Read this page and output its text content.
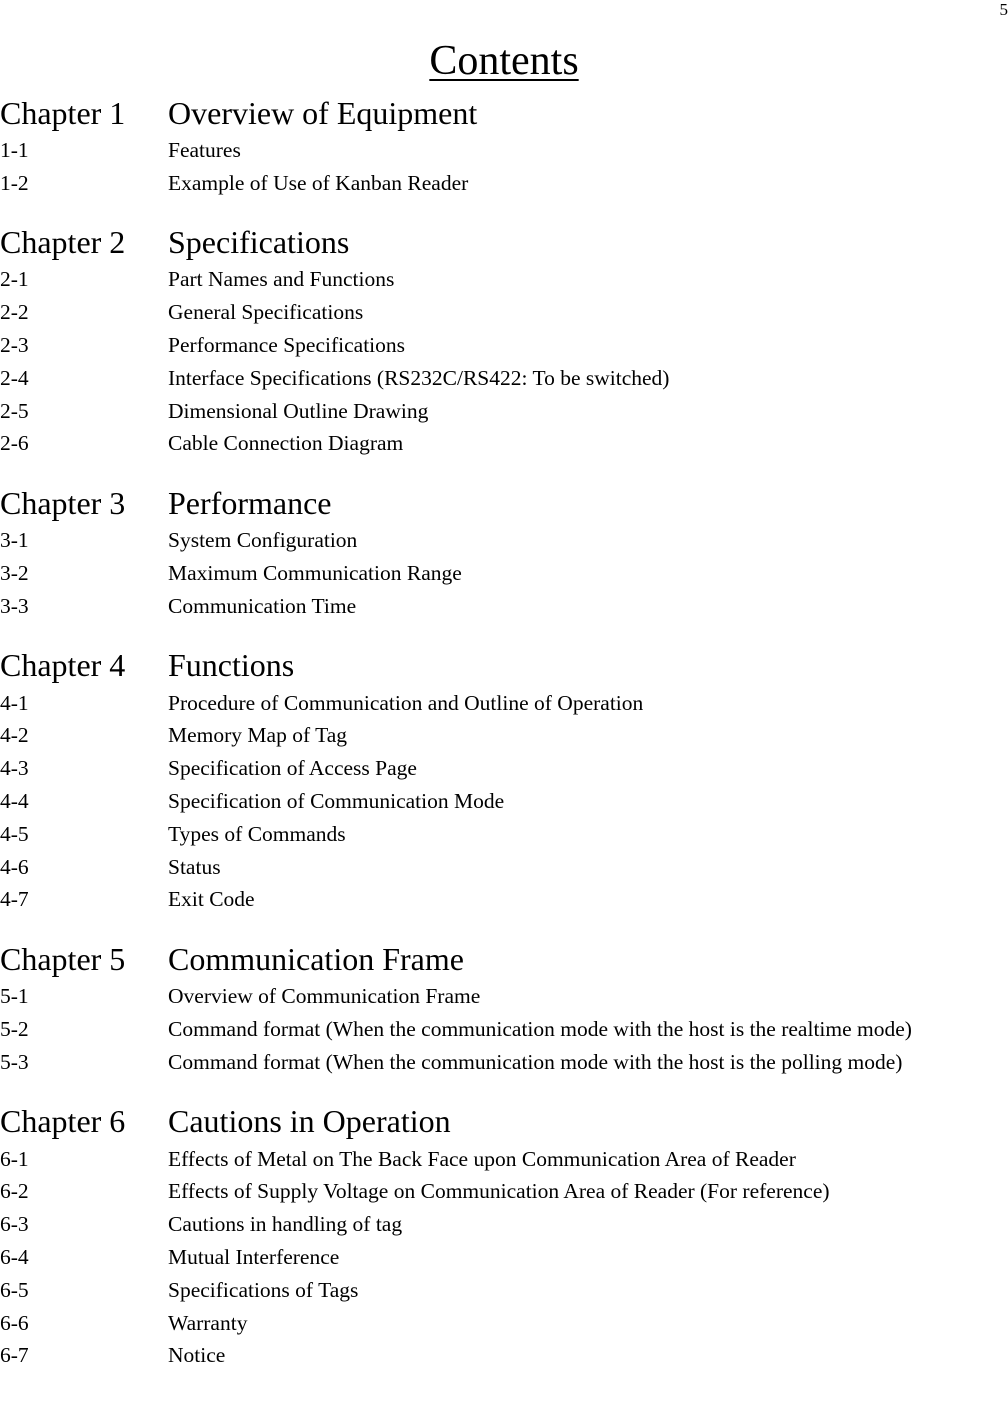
5
Contents
Chapter 1	Overview of Equipment
1-1	Features
1-2	Example of Use of Kanban Reader
Chapter 2	Specifications
2-1	Part Names and Functions
2-2	General Specifications
2-3	Performance Specifications
2-4	Interface Specifications (RS232C/RS422: To be switched)
2-5	Dimensional Outline Drawing
2-6	Cable Connection Diagram
Chapter 3	Performance
3-1	System Configuration
3-2	Maximum Communication Range
3-3	Communication Time
Chapter 4	Functions
4-1	Procedure of Communication and Outline of Operation
4-2	Memory Map of Tag
4-3	Specification of Access Page
4-4	Specification of Communication Mode
4-5	Types of Commands
4-6	Status
4-7	Exit Code
Chapter 5	Communication Frame
5-1	Overview of Communication Frame
5-2	Command format (When the communication mode with the host is the realtime mode)
5-3	Command format (When the communication mode with the host is the polling mode)
Chapter 6	Cautions in Operation
6-1	Effects of Metal on The Back Face upon Communication Area of Reader
6-2	Effects of Supply Voltage on Communication Area of Reader (For reference)
6-3	Cautions in handling of tag
6-4	Mutual Interference
6-5	Specifications of Tags
6-6	Warranty
6-7	Notice
